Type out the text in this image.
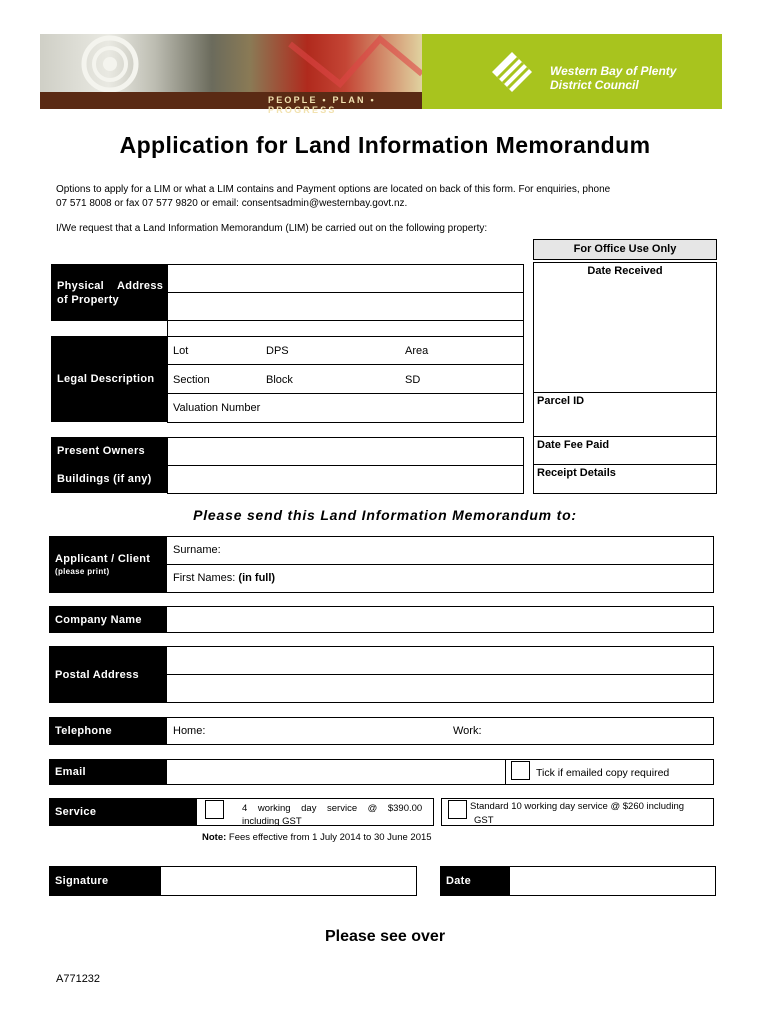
PEOPLE • PLAN • PROGRESS
Western Bay of Plenty
District Council
Application for Land Information Memorandum
Options to apply for a LIM or what a LIM contains and Payment options are located on back of this form. For enquiries, phone
07 571 8008 or fax 07 577 9820 or email: consentsadmin@westernbay.govt.nz.
I/We request that a Land Information Memorandum (LIM) be carried out on the following property:
For Office Use Only
Date Received
Parcel ID
Date Fee Paid
Receipt Details
Physical    Address
of Property
Legal Description
Lot	DPS	Area
Section	Block	SD
Valuation Number
Present Owners
Buildings (if any)
Please send this Land Information Memorandum to:
Applicant / Client
(please print)
Surname:
First Names: (in full)
Company Name
Postal Address
Telephone	Home:	Work:
Email	Tick if emailed copy required
Service	4    working    day    service    @    $390.00
including GST
Standard 10 working day service @ $260 including
GST
Note: Fees effective from 1 July 2014 to 30 June 2015
Signature	Date
Please see over
A771232
